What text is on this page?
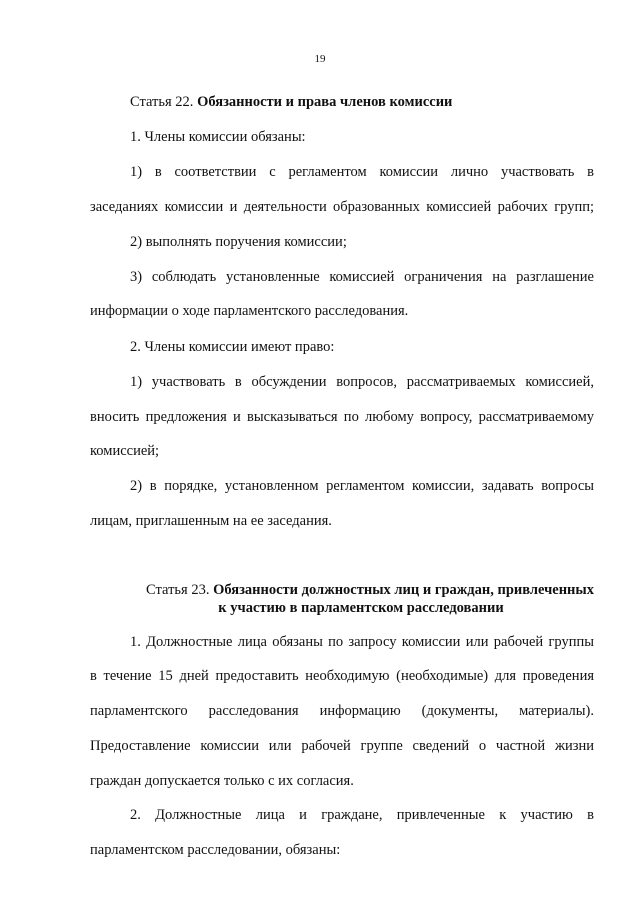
19
Статья 22. Обязанности и права членов комиссии
1. Члены комиссии обязаны:
1) в соответствии с регламентом комиссии лично участвовать в
заседаниях комиссии и деятельности образованных комиссией рабочих групп;
2) выполнять поручения комиссии;
3) соблюдать установленные комиссией ограничения на разглашение
информации о ходе парламентского расследования.
2. Члены комиссии имеют право:
1) участвовать в обсуждении вопросов, рассматриваемых комиссией,
вносить предложения и высказываться по любому вопросу, рассматриваемому
комиссией;
2) в порядке, установленном регламентом комиссии, задавать вопросы
лицам, приглашенным на ее заседания.
Статья 23. Обязанности должностных лиц и граждан, привлеченных
к участию в парламентском расследовании
1. Должностные лица обязаны по запросу комиссии или рабочей группы
в течение 15 дней предоставить необходимую (необходимые) для проведения
парламентского расследования информацию (документы, материалы).
Предоставление комиссии или рабочей группе сведений о частной жизни
граждан допускается только с их согласия.
2. Должностные лица и граждане, привлеченные к участию в
парламентском расследовании, обязаны:
